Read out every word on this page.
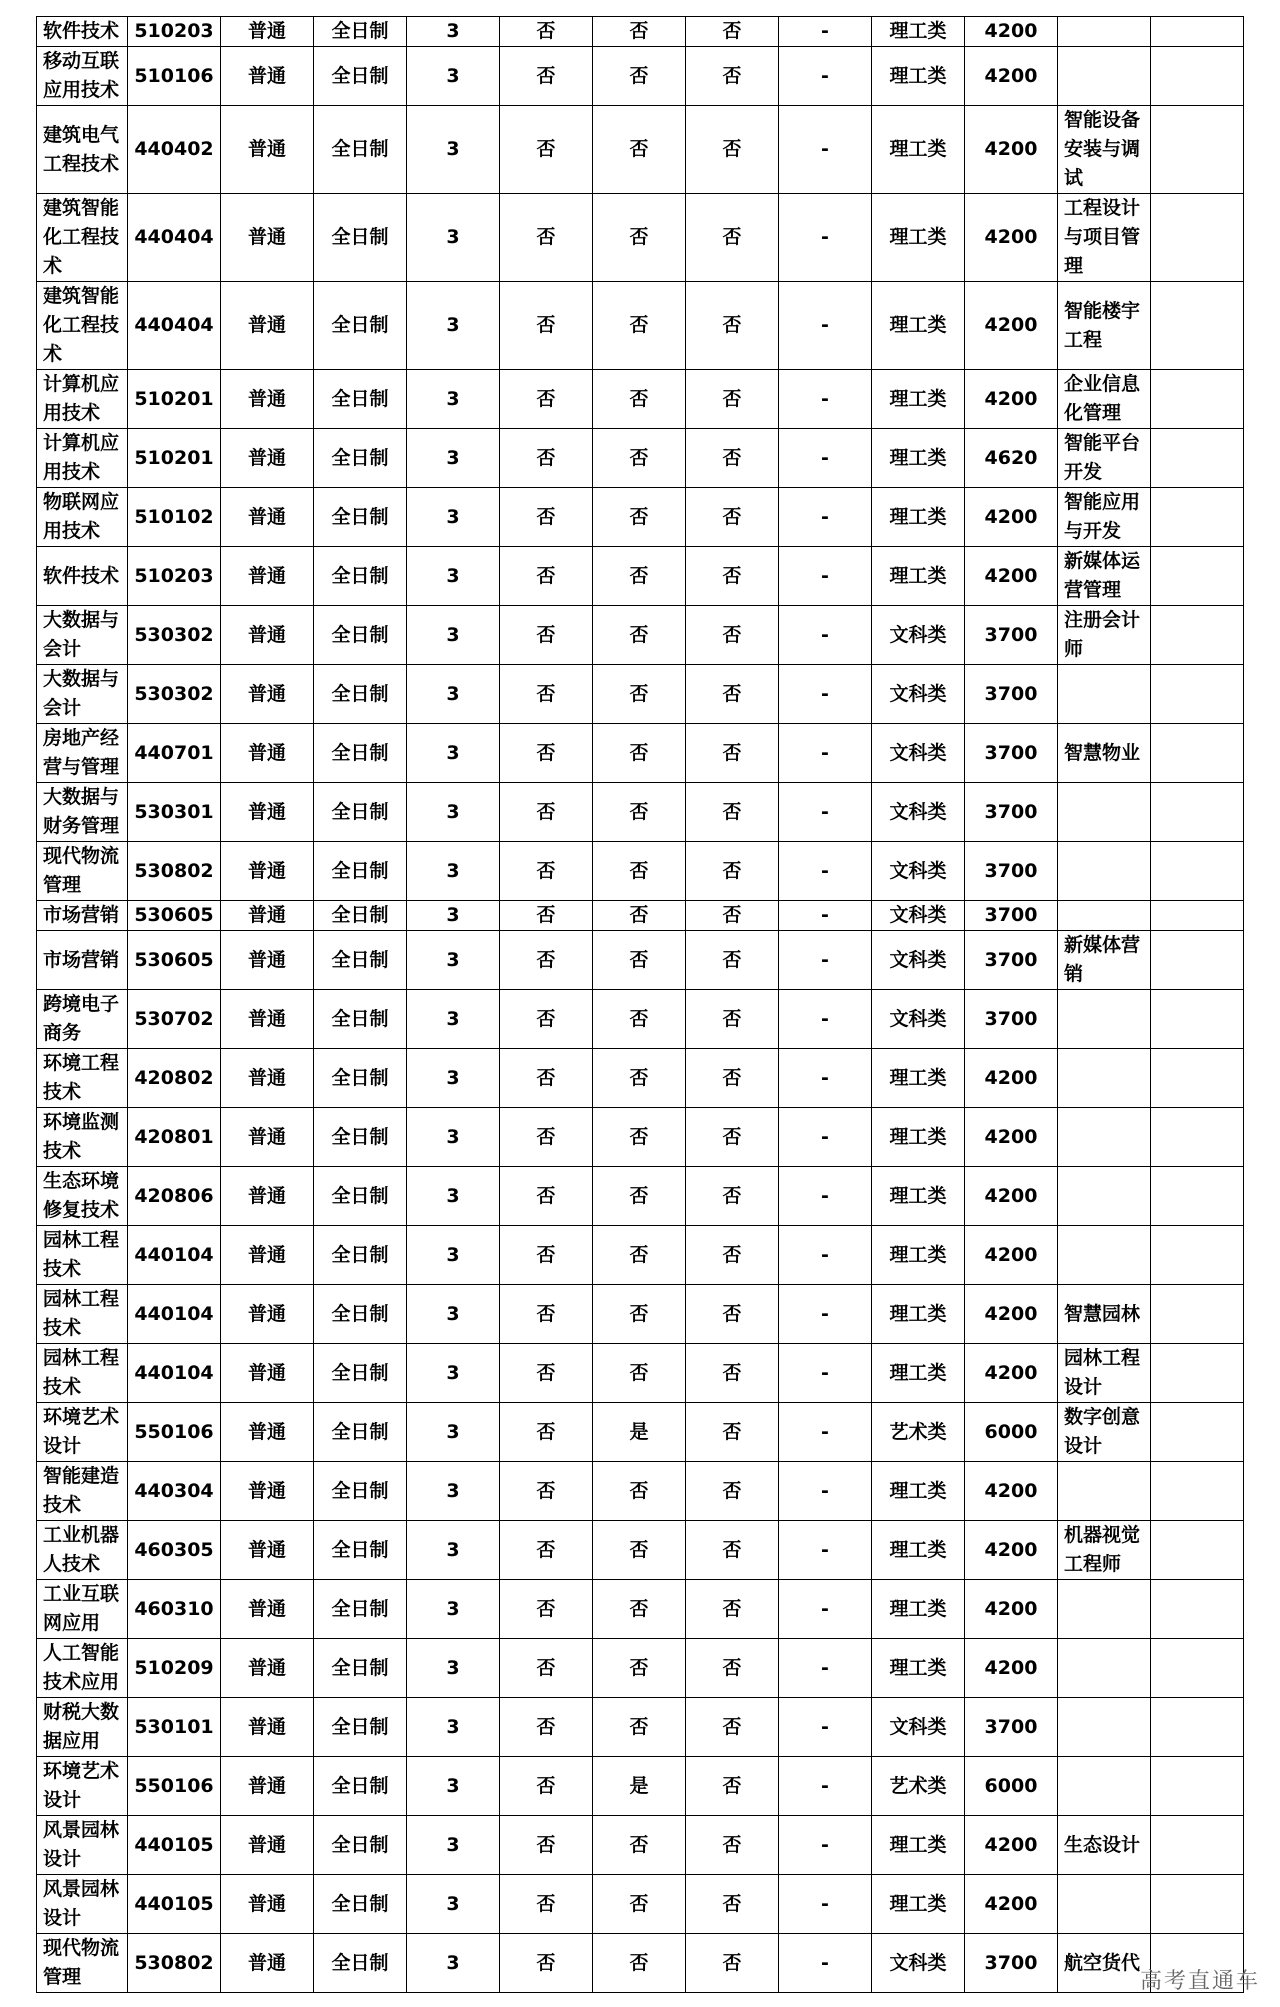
软件技术	510203	普通	全日制	3	否	否	否	-	理工类	4200		
移动互联应用技术	510106	普通	全日制	3	否	否	否	-	理工类	4200		
建筑电气工程技术	440402	普通	全日制	3	否	否	否	-	理工类	4200	智能设备安装与调试	
建筑智能化工程技术	440404	普通	全日制	3	否	否	否	-	理工类	4200	工程设计与项目管理	
建筑智能化工程技术	440404	普通	全日制	3	否	否	否	-	理工类	4200	智能楼宇工程	
计算机应用技术	510201	普通	全日制	3	否	否	否	-	理工类	4200	企业信息化管理	
计算机应用技术	510201	普通	全日制	3	否	否	否	-	理工类	4620	智能平台开发	
物联网应用技术	510102	普通	全日制	3	否	否	否	-	理工类	4200	智能应用与开发	
软件技术	510203	普通	全日制	3	否	否	否	-	理工类	4200	新媒体运营管理	
大数据与会计	530302	普通	全日制	3	否	否	否	-	文科类	3700	注册会计师	
大数据与会计	530302	普通	全日制	3	否	否	否	-	文科类	3700		
房地产经营与管理	440701	普通	全日制	3	否	否	否	-	文科类	3700	智慧物业	
大数据与财务管理	530301	普通	全日制	3	否	否	否	-	文科类	3700		
现代物流管理	530802	普通	全日制	3	否	否	否	-	文科类	3700		
市场营销	530605	普通	全日制	3	否	否	否	-	文科类	3700		
市场营销	530605	普通	全日制	3	否	否	否	-	文科类	3700	新媒体营销	
跨境电子商务	530702	普通	全日制	3	否	否	否	-	文科类	3700		
环境工程技术	420802	普通	全日制	3	否	否	否	-	理工类	4200		
环境监测技术	420801	普通	全日制	3	否	否	否	-	理工类	4200		
生态环境修复技术	420806	普通	全日制	3	否	否	否	-	理工类	4200		
园林工程技术	440104	普通	全日制	3	否	否	否	-	理工类	4200		
园林工程技术	440104	普通	全日制	3	否	否	否	-	理工类	4200	智慧园林	
园林工程技术	440104	普通	全日制	3	否	否	否	-	理工类	4200	园林工程设计	
环境艺术设计	550106	普通	全日制	3	否	是	否	-	艺术类	6000	数字创意设计	
智能建造技术	440304	普通	全日制	3	否	否	否	-	理工类	4200		
工业机器人技术	460305	普通	全日制	3	否	否	否	-	理工类	4200	机器视觉工程师	
工业互联网应用	460310	普通	全日制	3	否	否	否	-	理工类	4200		
人工智能技术应用	510209	普通	全日制	3	否	否	否	-	理工类	4200		
财税大数据应用	530101	普通	全日制	3	否	否	否	-	文科类	3700		
环境艺术设计	550106	普通	全日制	3	否	是	否	-	艺术类	6000		
风景园林设计	440105	普通	全日制	3	否	否	否	-	理工类	4200	生态设计	
风景园林设计	440105	普通	全日制	3	否	否	否	-	理工类	4200		
现代物流管理	530802	普通	全日制	3	否	否	否	-	文科类	3700	航空货代	
高考直通车
